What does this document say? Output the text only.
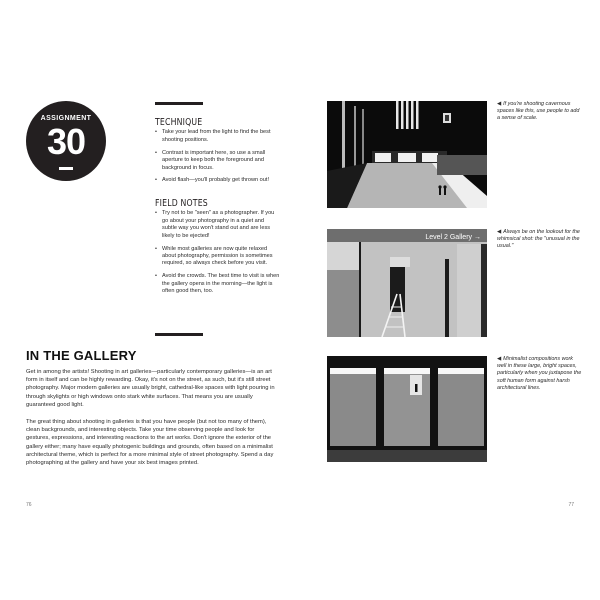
ASSIGNMENT
30	TECHNIQUE
• Take your lead from the light to find the best shooting positions.
• Contrast is important here, so use a small aperture to keep both the foreground and background in focus.
• Avoid flash—you'll probably get thrown out!
FIELD NOTES
• Try not to be "seen" as a photographer. If you go about your photography in a quiet and subtle way you won't stand out and are less likely to be ejected!
• While most galleries are now quite relaxed about photography, permission is sometimes required, so always check before you visit.
• Avoid the crowds. The best time to visit is when the gallery opens in the morning—the light is often good then, too.
IN THE GALLERY
Get in among the artists! Shooting in art galleries—particularly contemporary galleries—is an art form in itself and can be highly rewarding. Okay, it's not on the street, as such, but it's still street photography. Major modern galleries are usually bright, cathedral-like spaces with light pouring in through skylights or high windows onto stark white surfaces. That means you are usually guaranteed good light.
The great thing about shooting in galleries is that you have people (but not too many of them), clean backgrounds, and interesting objects. Take your time observing people and look for gestures, expressions, and interesting reactions to the art works. Don't ignore the exterior of the gallery either; many have equally photogenic buildings and grounds, often based on a minimalist architectural theme, which is perfect for a more minimal style of street photography. Spend a day photographing at the gallery and have your six best images printed.
76
◀ If you're shooting cavernous spaces like this, use people to add a sense of scale.
Level 2 Gallery →
◀ Always be on the lookout for the whimsical shot: the "unusual in the usual."
◀ Minimalist compositions work well in these large, bright spaces, particularly when you juxtapose the soft human form against harsh architectural lines.
77
